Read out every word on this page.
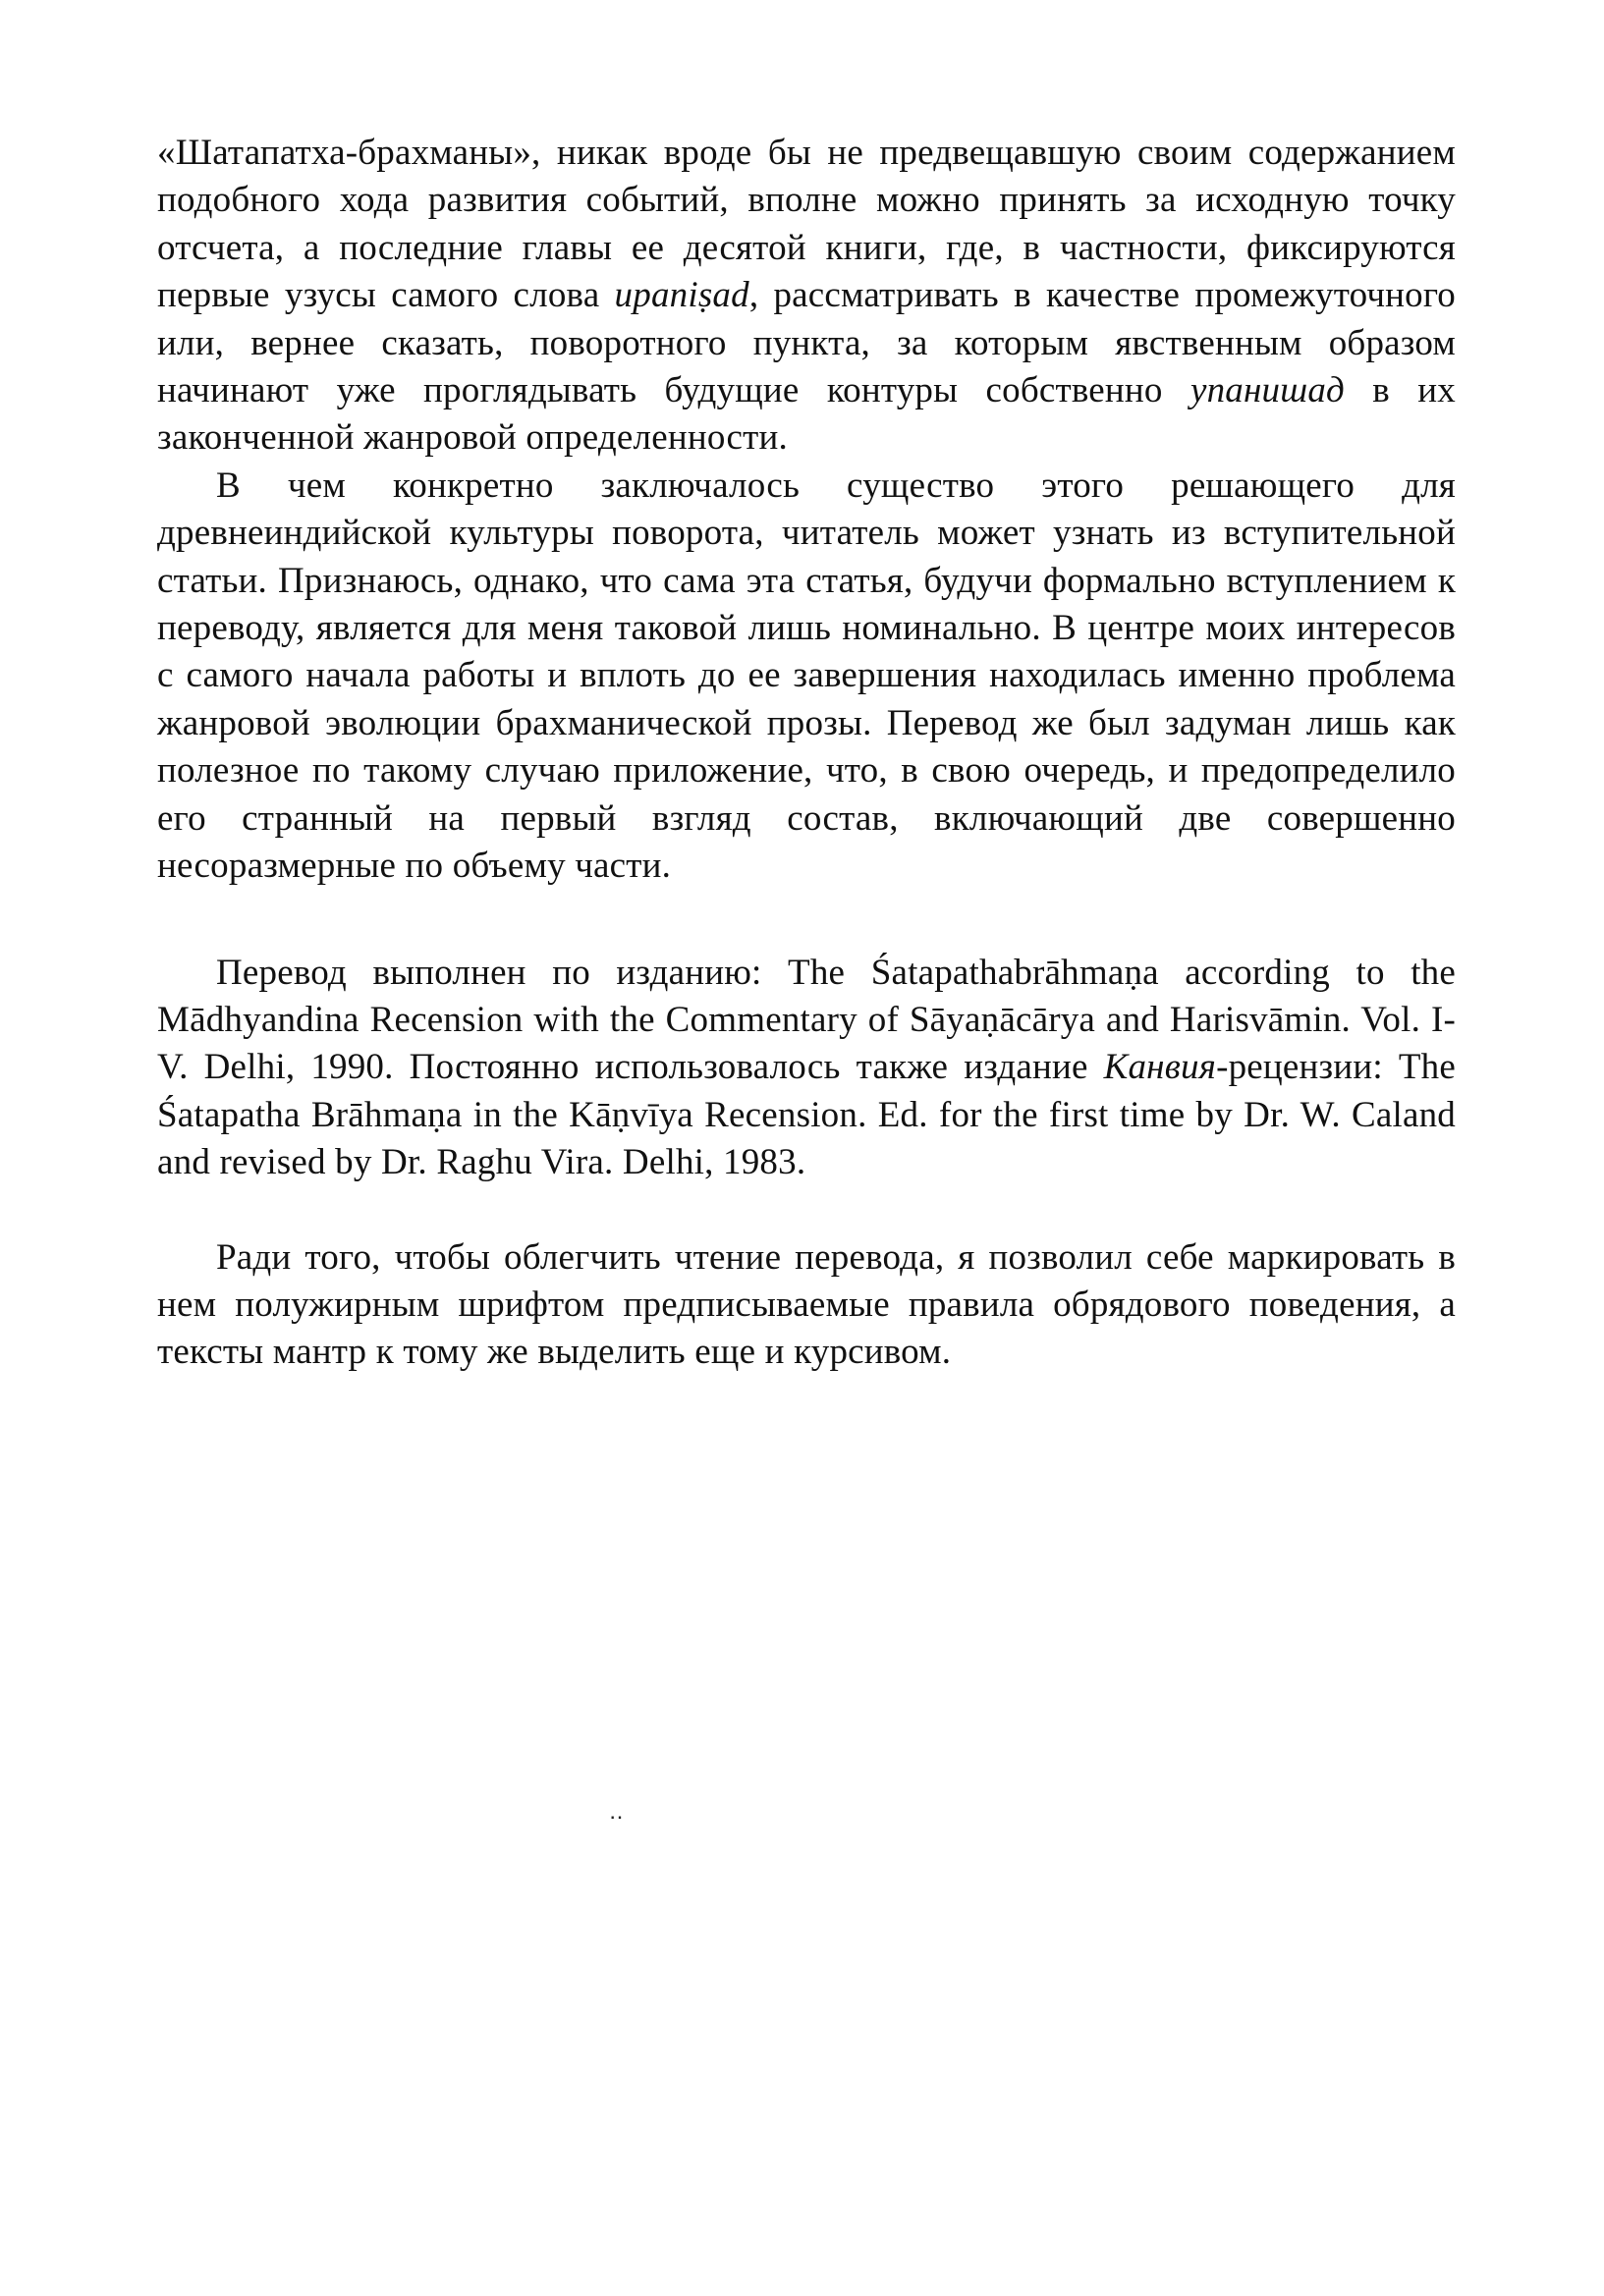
«Шатапатха-брахманы», никак вроде бы не предвещавшую своим содержанием подобного хода развития событий, вполне можно принять за исходную точку отсчета, а последние главы ее десятой книги, где, в частности, фиксируются первые узусы самого слова upaniṣad, рассматривать в качестве промежуточного или, вернее сказать, поворотного пункта, за которым явственным образом начинают уже проглядывать будущие контуры собственно упанишад в их законченной жанровой определенности.

В чем конкретно заключалось существо этого решающего для древнеиндийской культуры поворота, читатель может узнать из вступительной статьи. Признаюсь, однако, что сама эта статья, будучи формально вступлением к переводу, является для меня таковой лишь номинально. В центре моих интересов с самого начала работы и вплоть до ее завершения находилась именно проблема жанровой эволюции брахманической прозы. Перевод же был задуман лишь как полезное по такому случаю приложение, что, в свою очередь, и предопределило его странный на первый взгляд состав, включающий две совершенно несоразмерные по объему части.

Перевод выполнен по изданию: The Śatapathabrāhmaṇa according to the Mādhyandina Recension with the Commentary of Sāyaṇācārya and Harisvāmin. Vol. I-V. Delhi, 1990. Постоянно использовалось также издание Канвия-рецензии: The Śatapatha Brāhmaṇa in the Kāṇvīya Recension. Ed. for the first time by Dr. W. Caland and revised by Dr. Raghu Vira. Delhi, 1983.

Ради того, чтобы облегчить чтение перевода, я позволил себе маркировать в нем полужирным шрифтом предписываемые правила обрядового поведения, а тексты мантр к тому же выделить еще и курсивом.

‥
